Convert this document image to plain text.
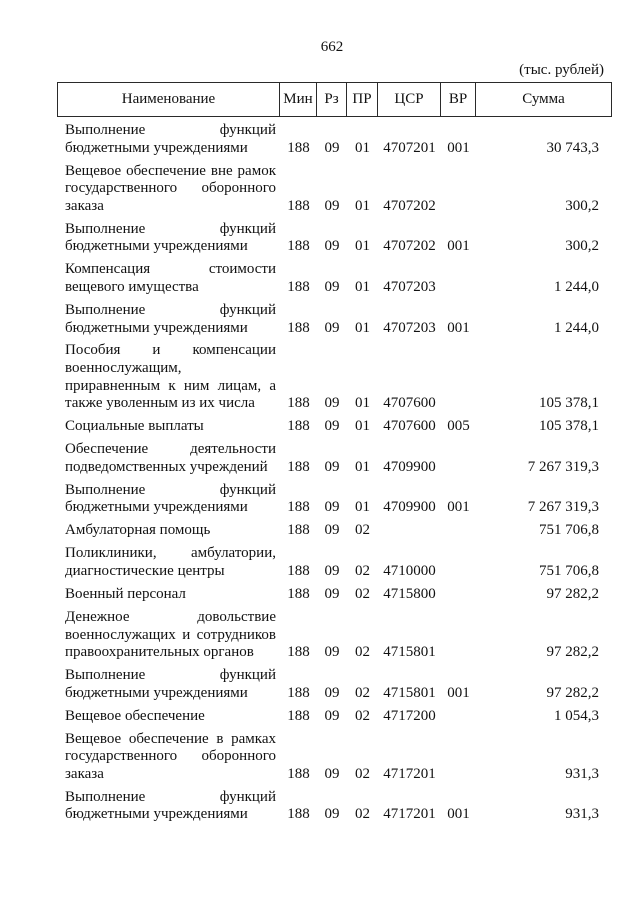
662
(тыс. рублей)
Наименование	Мин Рз ПР	ЦСР	ВР	Сумма
Выполнение функций
бюджетными учреждениями	188 09	01 4707201 001	30 743,3
Вещевое обеспечение вне рамок
государственного оборонного
заказа	188 09	01 4707202	300,2
Выполнение функций
бюджетными учреждениями	188 09	01 4707202 001	300,2
Компенсация стоимости
вещевого имущества	188 09	01 4707203	1 244,0
Выполнение функций
бюджетными учреждениями	188 09	01 4707203 001	1 244,0
Пособия и компенсации
военнослужащим,
приравненным к ним лицам, а
также уволенным из их числа	188 09	01 4707600	105 378,1
Социальные выплаты	188 09	01 4707600 005	105 378,1
Обеспечение деятельности
подведомственных учреждений	188 09	01 4709900	7 267 319,3
Выполнение функций
бюджетными учреждениями	188 09	01 4709900 001	7 267 319,3
Амбулаторная помощь	188 09	02	751 706,8
Поликлиники, амбулатории,
диагностические центры	188 09	02 4710000	751 706,8
Военный персонал	188 09	02 4715800	97 282,2
Денежное довольствие
военнослужащих и сотрудников
правоохранительных органов	188 09	02 4715801	97 282,2
Выполнение функций
бюджетными учреждениями	188 09	02 4715801 001	97 282,2
Вещевое обеспечение	188 09	02 4717200	1 054,3
Вещевое обеспечение в рамках
государственного оборонного
заказа	188 09	02 4717201	931,3
Выполнение функций
бюджетными учреждениями	188 09	02 4717201 001	931,3
